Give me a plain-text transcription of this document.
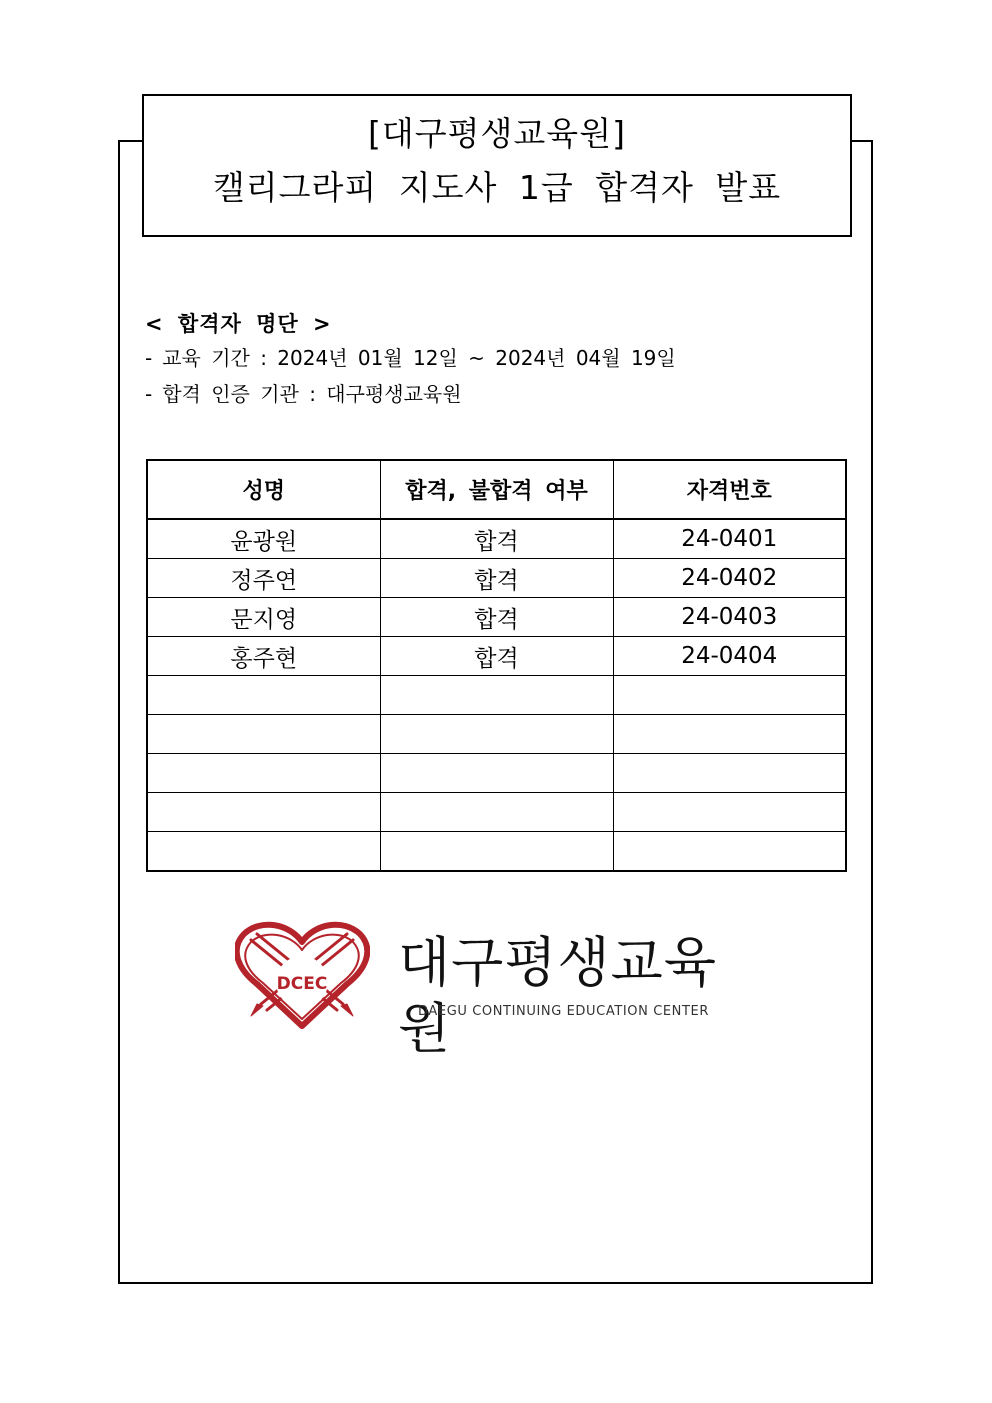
[대구평생교육원]
캘리그라피 지도사 1급 합격자 발표
< 합격자 명단 >
- 교육 기간 : 2024년 01월 12일 ~ 2024년 04월 19일
- 합격 인증 기관 : 대구평생교육원
성명	합격, 불합격 여부	자격번호
윤광원	합격	24-0401
정주연	합격	24-0402
문지영	합격	24-0403
홍주현	합격	24-0404

DCEC 대구평생교육원
DAEGU CONTINUING EDUCATION CENTER
